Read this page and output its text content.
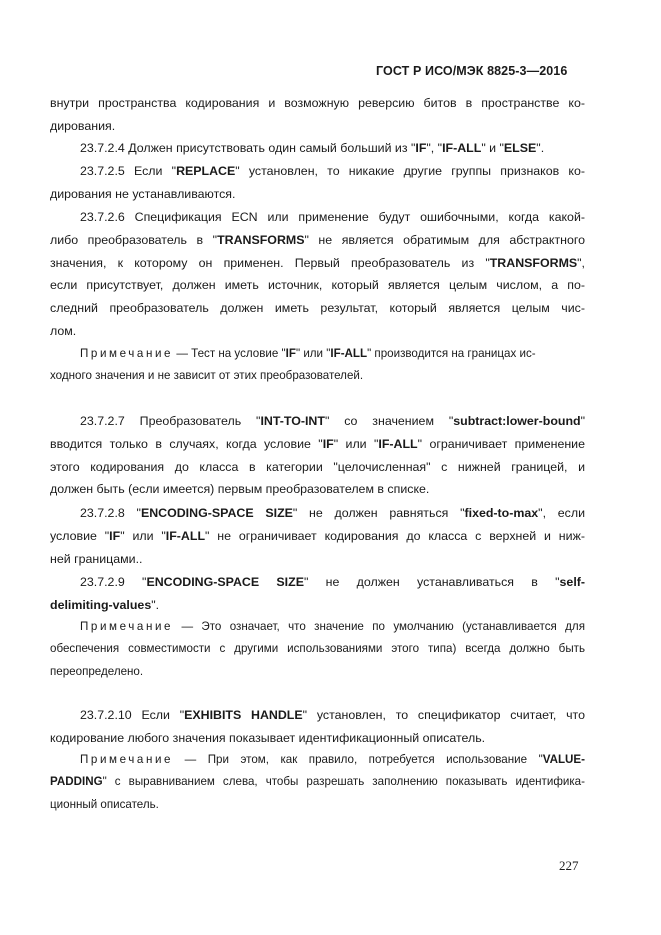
ГОСТ Р ИСО/МЭК 8825-3—2016
внутри пространства кодирования и возможную реверсию битов в пространстве ко-
дирования.
23.7.2.4 Должен присутствовать один самый больший из "IF", "IF-ALL" и "ELSE".
23.7.2.5 Если "REPLACE" установлен, то никакие другие группы признаков ко-
дирования не устанавливаются.
23.7.2.6 Спецификация ECN или применение будут ошибочными, когда какой-
либо преобразователь в "TRANSFORMS" не является обратимым для абстрактного
значения, к которому он применен. Первый преобразователь из "TRANSFORMS",
если присутствует, должен иметь источник, который является целым числом, а по-
следний преобразователь должен иметь результат, который является целым чис-
лом.
Примечание — Тест на условие "IF" или "IF-ALL" производится на границах ис-
ходного значения и не зависит от этих преобразователей.
23.7.2.7 Преобразователь "INT-TO-INT" со значением "subtract:lower-bound"
вводится только в случаях, когда условие "IF" или "IF-ALL" ограничивает применение
этого кодирования до класса в категории "целочисленная" с нижней границей, и
должен быть (если имеется) первым преобразователем в списке.
23.7.2.8 "ENCODING-SPACE SIZE" не должен равняться "fixed-to-max", если
условие "IF" или "IF-ALL" не ограничивает кодирования до класса с верхней и ниж-
ней границами..
23.7.2.9 "ENCODING-SPACE SIZE" не должен устанавливаться в "self-
delimiting-values".
Примечание — Это означает, что значение по умолчанию (устанавливается для
обеспечения совместимости с другими использованиями этого типа) всегда должно быть
переопределено.
23.7.2.10 Если "EXHIBITS HANDLE" установлен, то спецификатор считает, что
кодирование любого значения показывает идентификационный описатель.
Примечание — При этом, как правило, потребуется использование "VALUE-
PADDING" с выравниванием слева, чтобы разрешать заполнению показывать идентифика-
ционный описатель.
227
